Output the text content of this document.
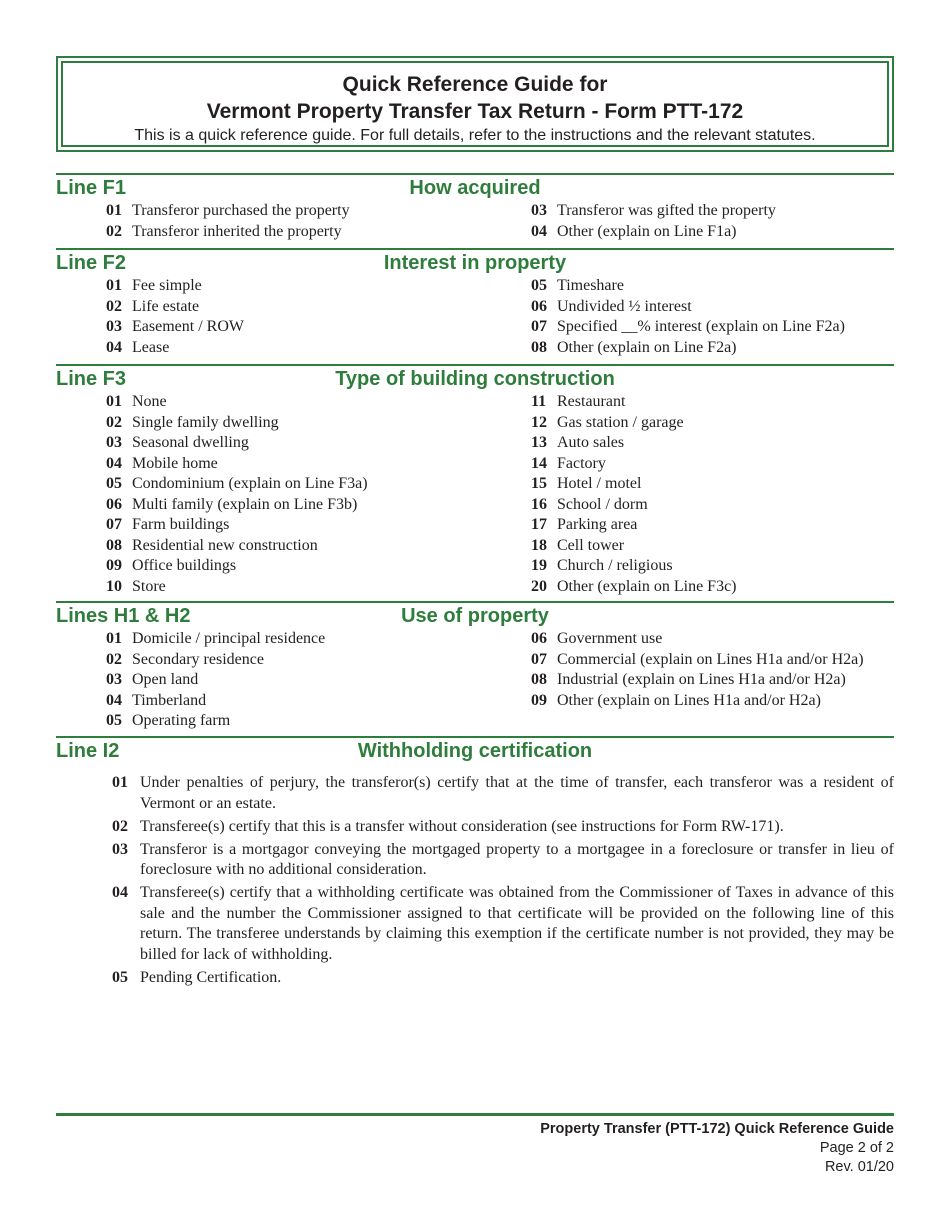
Quick Reference Guide for
Vermont Property Transfer Tax Return - Form PTT-172
This is a quick reference guide. For full details, refer to the instructions and the relevant statutes.
How acquired
Line F1
01 Transferor purchased the property
02 Transferor inherited the property
03 Transferor was gifted the property
04 Other (explain on Line F1a)
Interest in property
Line F2
01 Fee simple
02 Life estate
03 Easement / ROW
04 Lease
05 Timeshare
06 Undivided ½ interest
07 Specified __% interest (explain on Line F2a)
08 Other (explain on Line F2a)
Type of building construction
Line F3
01 None
02 Single family dwelling
03 Seasonal dwelling
04 Mobile home
05 Condominium (explain on Line F3a)
06 Multi family (explain on Line F3b)
07 Farm buildings
08 Residential new construction
09 Office buildings
10 Store
11 Restaurant
12 Gas station / garage
13 Auto sales
14 Factory
15 Hotel / motel
16 School / dorm
17 Parking area
18 Cell tower
19 Church / religious
20 Other (explain on Line F3c)
Use of property
Lines H1 & H2
01 Domicile / principal residence
02 Secondary residence
03 Open land
04 Timberland
05 Operating farm
06 Government use
07 Commercial (explain on Lines H1a and/or H2a)
08 Industrial (explain on Lines H1a and/or H2a)
09 Other (explain on Lines H1a and/or H2a)
Withholding certification
Line I2
01 Under penalties of perjury, the transferor(s) certify that at the time of transfer, each transferor was a resident of Vermont or an estate.
02 Transferee(s) certify that this is a transfer without consideration (see instructions for Form RW-171).
03 Transferor is a mortgagor conveying the mortgaged property to a mortgagee in a foreclosure or transfer in lieu of foreclosure with no additional consideration.
04 Transferee(s) certify that a withholding certificate was obtained from the Commissioner of Taxes in advance of this sale and the number the Commissioner assigned to that certificate will be provided on the following line of this return. The transferee understands by claiming this exemption if the certificate number is not provided, they may be billed for lack of withholding.
05 Pending Certification.
Property Transfer (PTT-172) Quick Reference Guide
Page 2 of 2
Rev. 01/20
